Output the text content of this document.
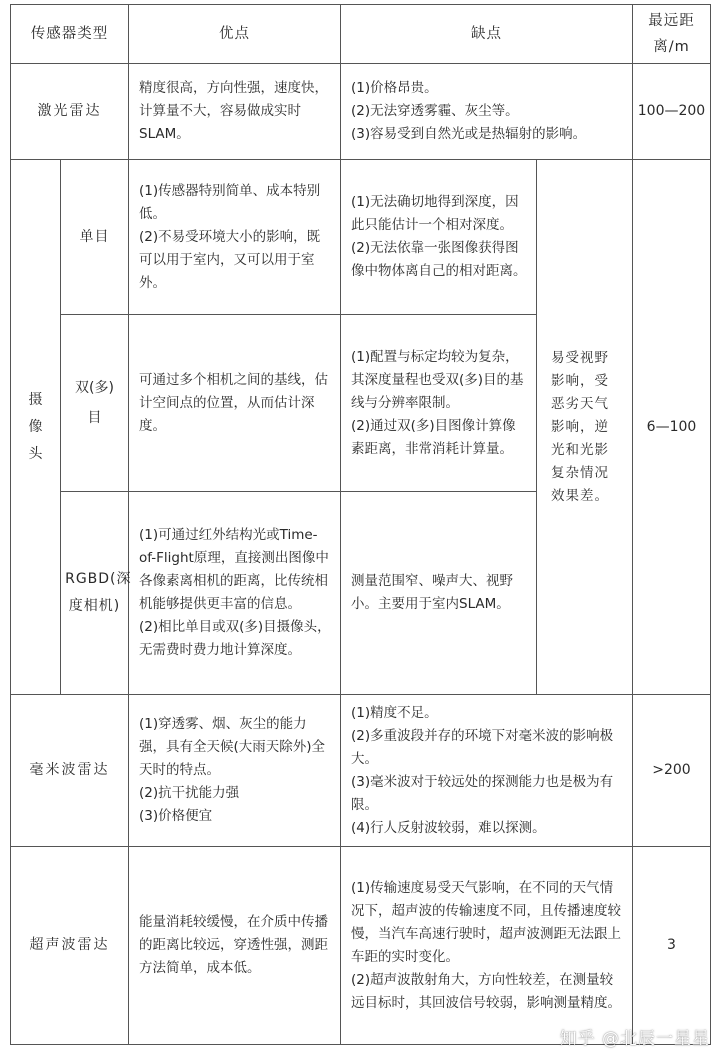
传感器类型		优点	缺点		最远距离/m
激光雷达		精度很高，方向性强，速度快，计算量不大，容易做成实时SLAM。	(1)价格昂贵。
(2)无法穿透雾霾、灰尘等。
(3)容易受到自然光或是热辐射的影响。		100—200
摄像头	单目	(1)传感器特别简单、成本特别低。
(2)不易受环境大小的影响，既可以用于室内，又可以用于室外。	(1)无法确切地得到深度，因此只能估计一个相对深度。
(2)无法依靠一张图像获得图像中物体离自己的相对距离。	易受视野影响，受恶劣天气影响，逆光和光影复杂情况效果差。	6—100
	双(多)目	可通过多个相机之间的基线，估计空间点的位置，从而估计深度。	(1)配置与标定均较为复杂，其深度量程也受双(多)目的基线与分辨率限制。
(2)通过双(多)目图像计算像素距离，非常消耗计算量。		

	RGBD(深度相机)	(1)可通过红外结构光或Time-of-Flight原理，直接测出图像中各像素离相机的距离，比传统相机能够提供更丰富的信息。
(2)相比单目或双(多)目摄像头，无需费时费力地计算深度。	测量范围窄、噪声大、视野小。主要用于室内SLAM。		

毫米波雷达		(1)穿透雾、烟、灰尘的能力强，具有全天候(大雨天除外)全天时的特点。
(2)抗干扰能力强
(3)价格便宜	(1)精度不足。
(2)多重波段并存的环境下对毫米波的影响极大。
(3)毫米波对于较远处的探测能力也是极为有限。
(4)行人反射波较弱，难以探测。		>200
超声波雷达		能量消耗较缓慢，在介质中传播的距离比较远，穿透性强，测距方法简单，成本低。	(1)传输速度易受天气影响，在不同的天气情况下，超声波的传输速度不同，且传播速度较慢，当汽车高速行驶时，超声波测距无法跟上车距的实时变化。
(2)超声波散射角大，方向性较差，在测量较远目标时，其回波信号较弱，影响测量精度。		3
知乎 @北辰一星星
